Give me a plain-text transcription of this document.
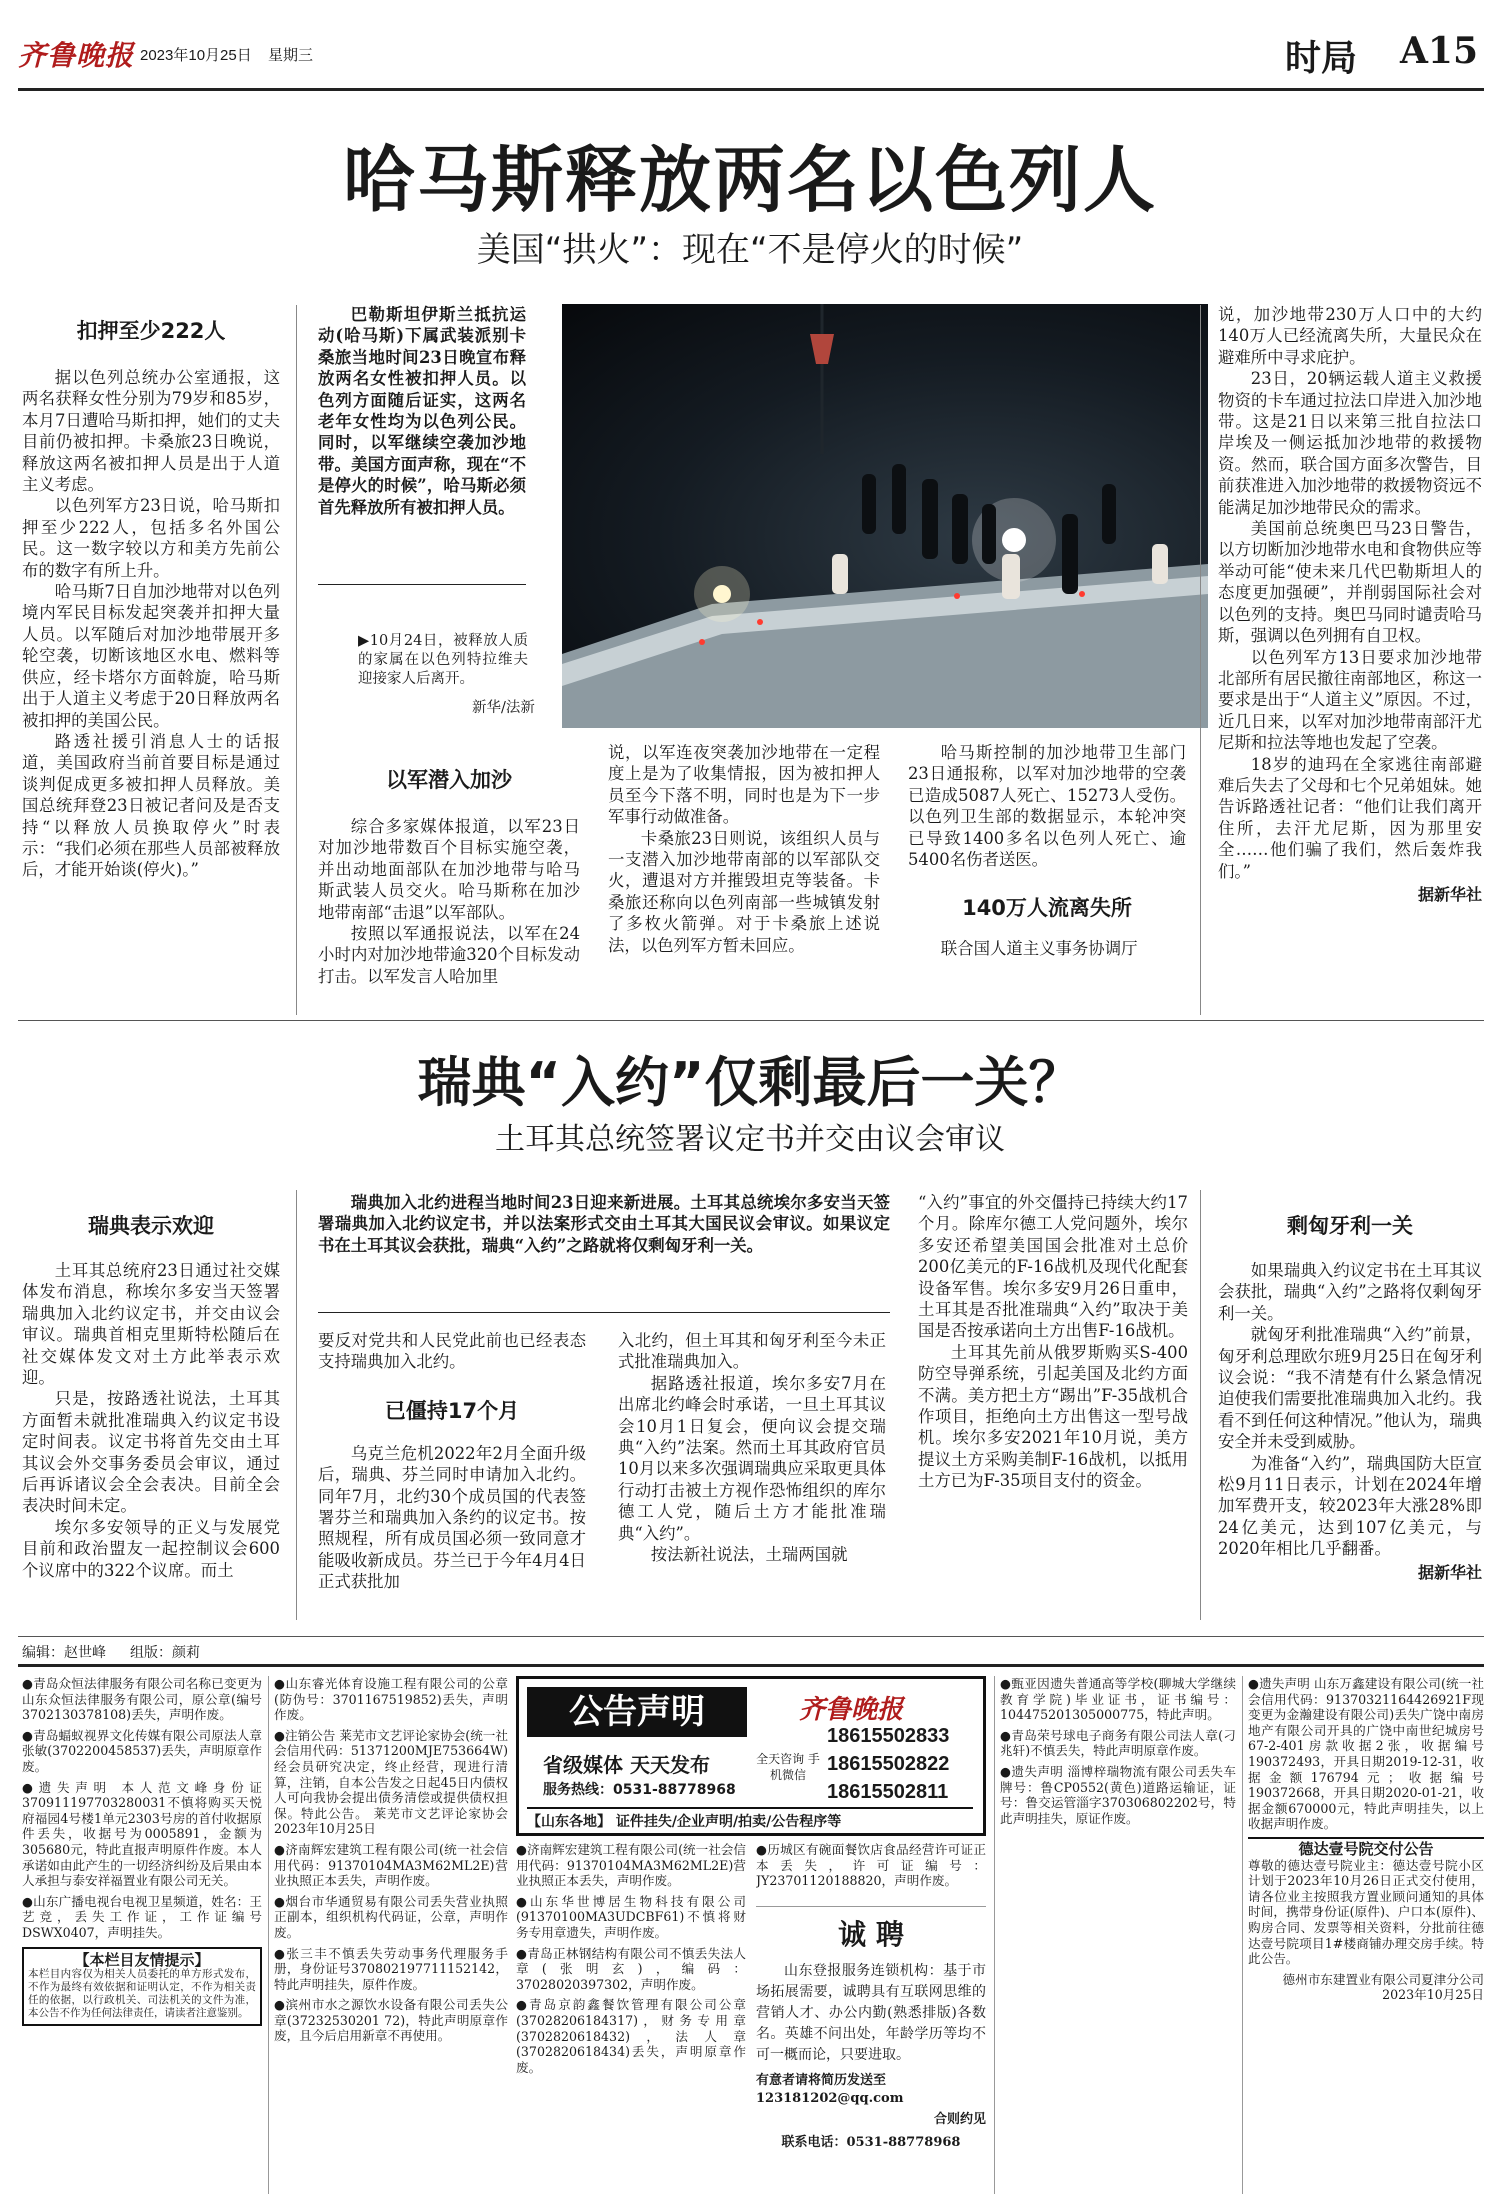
齐鲁晚报 2023年10月25日 星期三	时局 A15
哈马斯释放两名以色列人
美国“拱火”：现在“不是停火的时候”
扣押至少222人

据以色列总统办公室通报，这两名获释女性分别为79岁和85岁，本月7日遭哈马斯扣押，她们的丈夫目前仍被扣押。卡桑旅23日晚说，释放这两名被扣押人员是出于人道主义考虑。

以色列军方23日说，哈马斯扣押至少222人，包括多名外国公民。这一数字较以方和美方先前公布的数字有所上升。

哈马斯7日自加沙地带对以色列境内军民目标发起突袭并扣押大量人员。以军随后对加沙地带展开多轮空袭，切断该地区水电、燃料等供应，经卡塔尔方面斡旋，哈马斯出于人道主义考虑于20日释放两名被扣押的美国公民。

路透社援引消息人士的话报道，美国政府当前首要目标是通过谈判促成更多被扣押人员释放。美国总统拜登23日被记者问及是否支持“以释放人员换取停火”时表示：“我们必须在那些人员部被释放后，才能开始谈(停火)。”

巴勒斯坦伊斯兰抵抗运动(哈马斯)下属武装派别卡桑旅当地时间23日晚宣布释放两名女性被扣押人员。以色列方面随后证实，这两名老年女性均为以色列公民。同时，以军继续空袭加沙地带。美国方面声称，现在“不是停火的时候”，哈马斯必须首先释放所有被扣押人员。

▶10月24日，被释放人质的家属在以色列特拉维夫迎接家人后离开。
新华/法新
以军潜入加沙

综合多家媒体报道，以军23日对加沙地带数百个目标实施空袭，并出动地面部队在加沙地带与哈马斯武装人员交火。哈马斯称在加沙地带南部“击退”以军部队。

按照以军通报说法，以军在24小时内对加沙地带逾320个目标发动打击。以军发言人哈加里

说，以军连夜突袭加沙地带在一定程度上是为了收集情报，因为被扣押人员至今下落不明，同时也是为下一步军事行动做准备。

卡桑旅23日则说，该组织人员与一支潜入加沙地带南部的以军部队交火，遭退对方并摧毁坦克等装备。卡桑旅还称向以色列南部一些城镇发射了多枚火箭弹。对于卡桑旅上述说法，以色列军方暂未回应。

哈马斯控制的加沙地带卫生部门23日通报称，以军对加沙地带的空袭已造成5087人死亡、15273人受伤。以色列卫生部的数据显示，本轮冲突已导致1400多名以色列人死亡、逾5400名伤者送医。

140万人流离失所

联合国人道主义事务协调厅

说，加沙地带230万人口中的大约140万人已经流离失所，大量民众在避难所中寻求庇护。

23日，20辆运载人道主义救援物资的卡车通过拉法口岸进入加沙地带。这是21日以来第三批自拉法口岸埃及一侧运抵加沙地带的救援物资。然而，联合国方面多次警告，目前获准进入加沙地带的救援物资远不能满足加沙地带民众的需求。

美国前总统奥巴马23日警告，以方切断加沙地带水电和食物供应等举动可能“使未来几代巴勒斯坦人的态度更加强硬”，并削弱国际社会对以色列的支持。奥巴马同时谴责哈马斯，强调以色列拥有自卫权。

以色列军方13日要求加沙地带北部所有居民撤往南部地区，称这一要求是出于“人道主义”原因。不过，近几日来，以军对加沙地带南部汗尤尼斯和拉法等地也发起了空袭。

18岁的迪玛在全家逃往南部避难后失去了父母和七个兄弟姐妹。她告诉路透社记者：“他们让我们离开住所，去汗尤尼斯，因为那里安全……他们骗了我们，然后轰炸我们。”

据新华社
瑞典“入约”仅剩最后一关？
土耳其总统签署议定书并交由议会审议
瑞典表示欢迎

土耳其总统府23日通过社交媒体发布消息，称埃尔多安当天签署瑞典加入北约议定书，并交由议会审议。瑞典首相克里斯特松随后在社交媒体发文对土方此举表示欢迎。

只是，按路透社说法，土耳其方面暂未就批准瑞典入约议定书设定时间表。议定书将首先交由土耳其议会外交事务委员会审议，通过后再诉诸议会全会表决。目前全会表决时间未定。

埃尔多安领导的正义与发展党目前和政治盟友一起控制议会600个议席中的322个议席。而土

瑞典加入北约进程当地时间23日迎来新进展。土耳其总统埃尔多安当天签署瑞典加入北约议定书，并以法案形式交由土耳其大国民议会审议。如果议定书在土耳其议会获批，瑞典“入约”之路就将仅剩匈牙利一关。

要反对党共和人民党此前也已经表态支持瑞典加入北约。

已僵持17个月

乌克兰危机2022年2月全面升级后，瑞典、芬兰同时申请加入北约。同年7月，北约30个成员国的代表签署芬兰和瑞典加入条约的议定书。按照规程，所有成员国必须一致同意才能吸收新成员。芬兰已于今年4月4日正式获批加

入北约，但土耳其和匈牙利至今未正式批准瑞典加入。

据路透社报道，埃尔多安7月在出席北约峰会时承诺，一旦土耳其议会10月1日复会，便向议会提交瑞典“入约”法案。然而土耳其政府官员10月以来多次强调瑞典应采取更具体行动打击被土方视作恐怖组织的库尔德工人党，随后土方才能批准瑞典“入约”。

按法新社说法，土瑞两国就

“入约”事宜的外交僵持已持续大约17个月。除库尔德工人党问题外，埃尔多安还希望美国国会批准对土总价200亿美元的F-16战机及现代化配套设备军售。埃尔多安9月26日重申，土耳其是否批准瑞典“入约”取决于美国是否按承诺向土方出售F-16战机。

土耳其先前从俄罗斯购买S-400防空导弹系统，引起美国及北约方面不满。美方把土方“踢出”F-35战机合作项目，拒绝向土方出售这一型号战机。埃尔多安2021年10月说，美方提议土方采购美制F-16战机，以抵用土方已为F-35项目支付的资金。

剩匈牙利一关

如果瑞典入约议定书在土耳其议会获批，瑞典“入约”之路将仅剩匈牙利一关。

就匈牙利批准瑞典“入约”前景，匈牙利总理欧尔班9月25日在匈牙利议会说：“我不清楚有什么紧急情况迫使我们需要批准瑞典加入北约。我看不到任何这种情况。”他认为，瑞典安全并未受到威胁。

为准备“入约”，瑞典国防大臣宣松9月11日表示，计划在2024年增加军费开支，较2023年大涨28%即24亿美元，达到107亿美元，与2020年相比几乎翻番。

据新华社
编辑：赵世峰 组版：颜莉

●青岛众恒法律服务有限公司名称已变更为山东众恒法律服务有限公司，原公章(编号3702130378108)丢失，声明作废。

●青岛蝠蚁视界文化传媒有限公司原法人章张敏(3702200458537)丢失，声明原章作废。

●遗失声明 本人范文峰身份证370911197703280031不慎将购买天悦府福园4号楼1单元2303号房的首付收据原件丢失，收据号为0005891，金额为305680元，特此直报声明原件作废。本人承诺如由此产生的一切经济纠纷及后果由本人承担与泰安祥福置业有限公司无关。

●山东广播电视台电视卫星频道，姓名：王艺竞，丢失工作证，工作证编号DSWX0407，声明挂失。

【本栏目友情提示】
本栏目内容仅为相关人员委托的单方形式发布，不作为最终有效依据和证明认定，不作为相关责任的依据，以行政机关、司法机关的文件为准，本公告不作为任何法律责任，请读者注意鉴别。

●山东睿光体育设施工程有限公司的公章(防伪号：3701167519852)丢失，声明作废。

●注销公告 莱芜市文艺评论家协会(统一社会信用代码：51371200MJE753664W)经会员研究决定，终止经营，现进行清算，注销，自本公告发之日起45日内债权人可向我协会提出债务清偿或提供债权担保。特此公告。 莱芜市文艺评论家协会 2023年10月25日

●济南辉宏建筑工程有限公司(统一社会信用代码：91370104MA3M62ML2E)营业执照正本丢失，声明作废。

●烟台市华通贸易有限公司丢失营业执照正副本，组织机构代码证，公章，声明作废。

●张三丰不慎丢失劳动事务代理服务手册，身份证号370802197711152142，特此声明挂失，原件作废。

●滨州市水之源饮水设备有限公司丢失公章(37232530201 72)，特此声明原章作废，且今后启用新章不再使用。

公告声明	齐鲁晚报
省级媒体 天天发布
服务热线：0531-88778968
全天咨询 手机微信
18615502833
18615502822
18615502811
【山东各地】 证件挂失/企业声明/拍卖/公告程序等

●济南辉宏建筑工程有限公司(统一社会信用代码：91370104MA3M62ML2E)营业执照正本丢失，声明作废。

●山东华世博居生物科技有限公司(91370100MA3UDCBF61)不慎将财务专用章遗失，声明作废。

●青岛正林钢结构有限公司不慎丢失法人章(张明玄)，编码：37028020397302，声明作废。

●青岛京韵鑫餐饮管理有限公司公章(37028206184317)，财务专用章(3702820618432)，法人章(3702820618434)丢失，声明原章作废。

●历城区有碗面餐饮店食品经营许可证正本丢失，许可证编号：JY23701120188820，声明作废。

诚 聘
山东登报服务连锁机构：基于市场拓展需要，诚聘具有互联网思维的营销人才、办公内勤(熟悉排版)各数名。英雄不问出处，年龄学历等均不可一概而论，只要进取。
有意者请将简历发送至123181202@qq.com
合则约见
联系电话：0531-88778968

●甄亚因遗失普通高等学校(聊城大学继续教育学院)毕业证书，证书编号：104475201305000775，特此声明。

●青岛荣号球电子商务有限公司法人章(刁兆轩)不慎丢失，特此声明原章作废。

●遗失声明 淄博梓瑞物流有限公司丢失车牌号：鲁CP0552(黄色)道路运输证，证号：鲁交运管淄字370306802202号，特此声明挂失，原证作废。

●遗失声明 山东万鑫建设有限公司(统一社会信用代码：91370321164426921F现变更为金瀚建设有限公司)丢失广饶中南房地产有限公司开具的广饶中南世纪城房号67-2-401房款收据2张，收据编号190372493，开具日期2019-12-31，收据金额176794元；收据编号190372668，开具日期2020-01-21，收据金额670000元，特此声明挂失，以上收据声明作废。

德达壹号院交付公告

尊敬的德达壹号院业主：德达壹号院小区计划于2023年10月26日正式交付使用，请各位业主按照我方置业顾问通知的具体时间，携带身份证(原件)、户口本(原件)、购房合同、发票等相关资料，分批前往德达壹号院项目1#楼商铺办理交房手续。特此公告。

德州市东建置业有限公司夏津分公司
2023年10月25日
